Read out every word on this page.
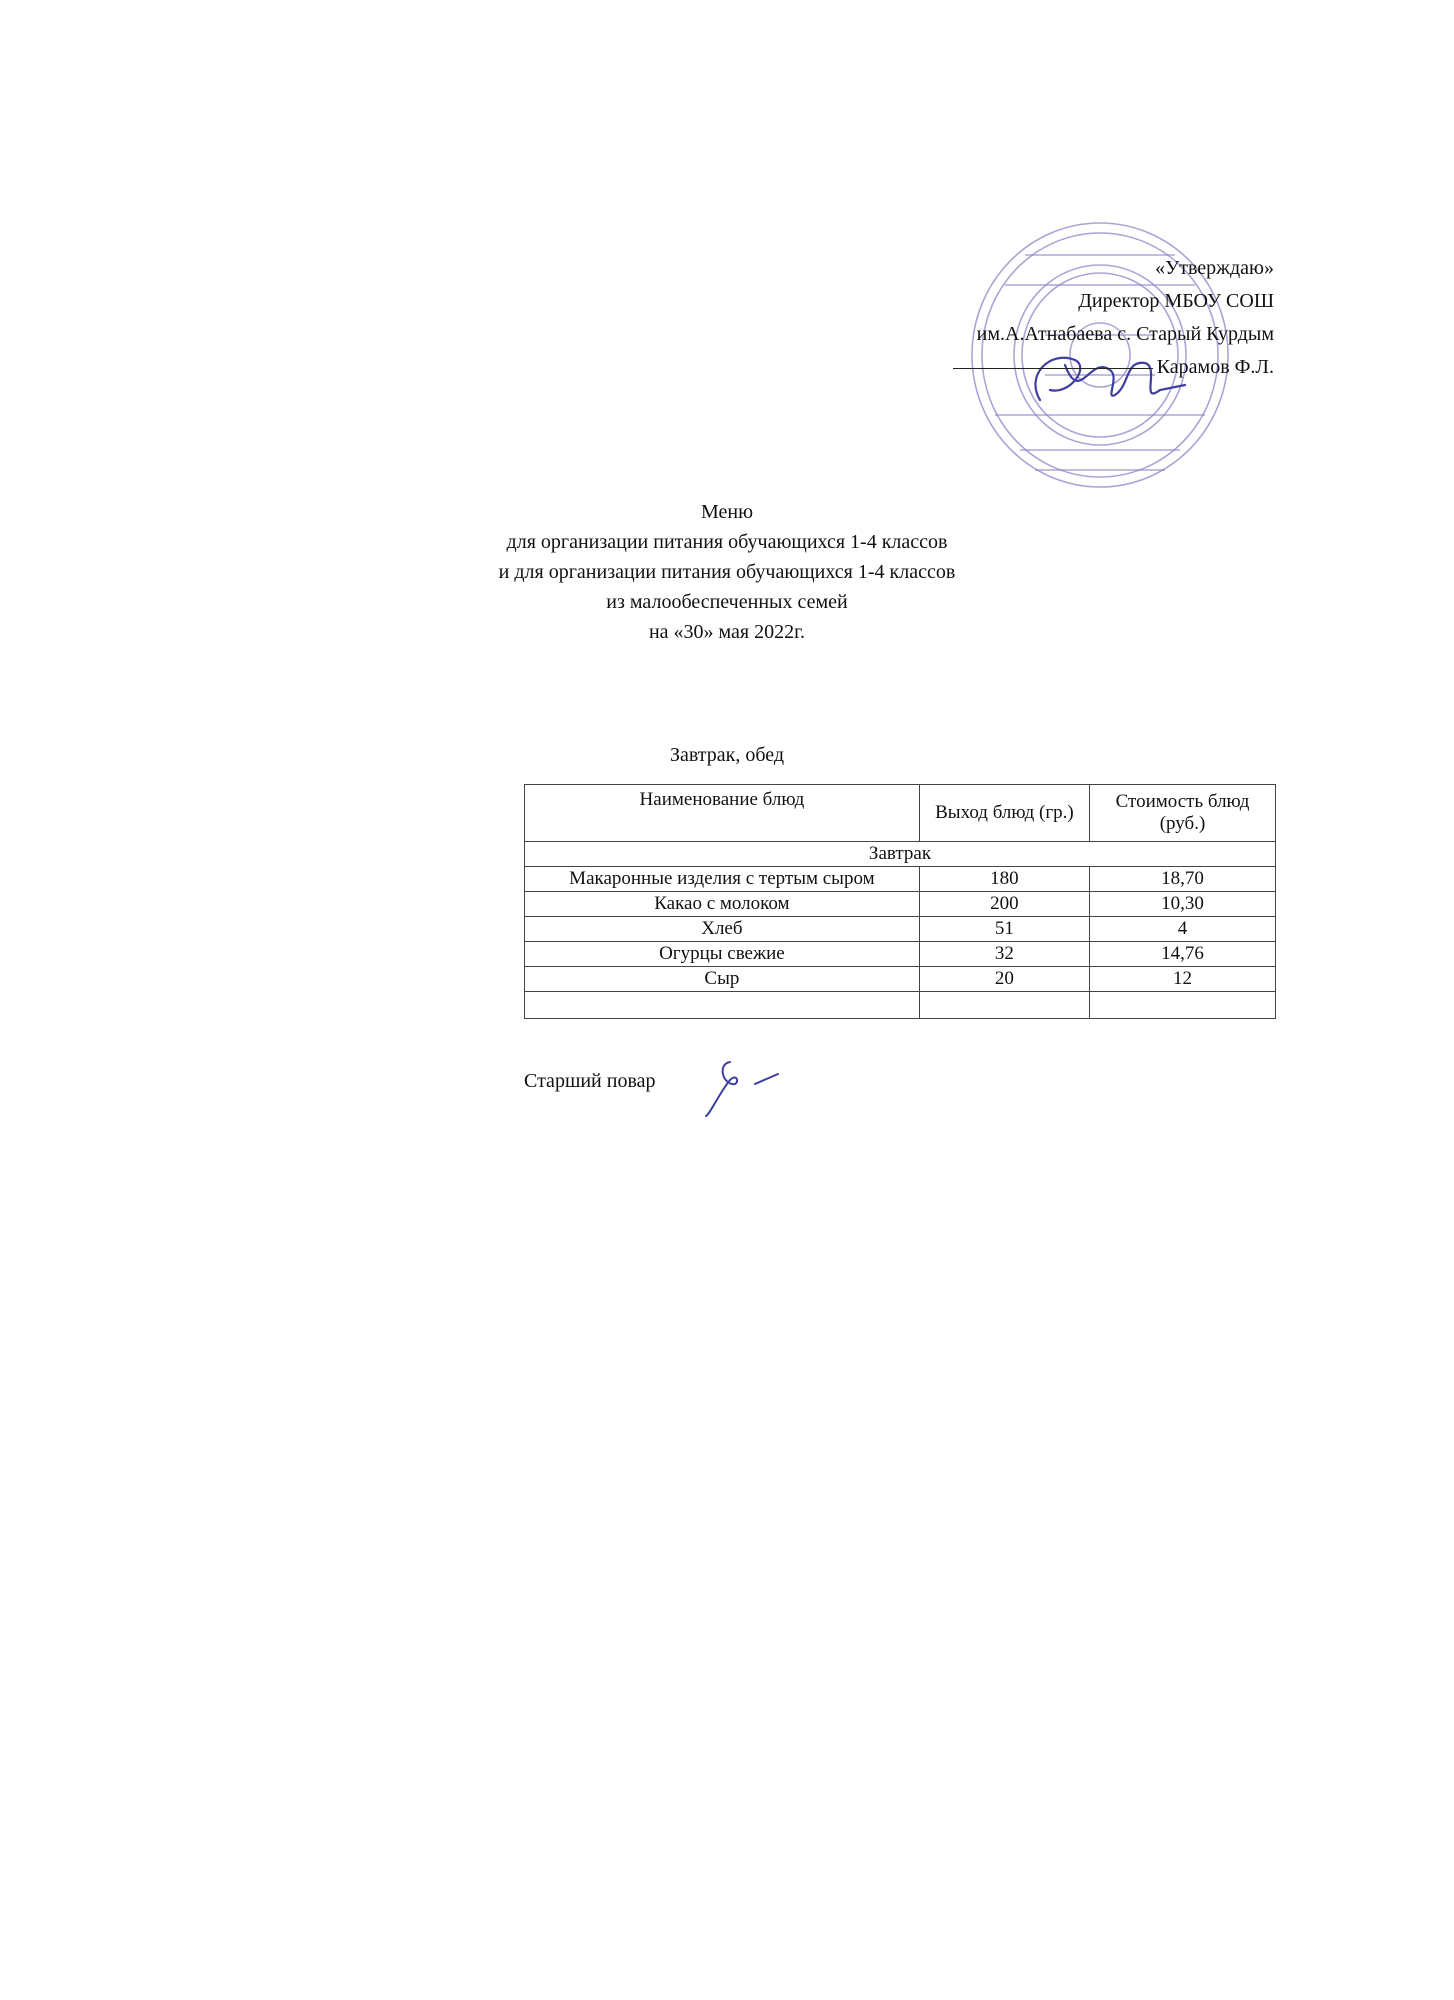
«Утверждаю»
Директор МБОУ СОШ
им.А.Атнабаева с. Старый Курдым
Карамов Ф.Л.
Меню
для организации питания обучающихся 1-4 классов
и для организации питания обучающихся 1-4 классов
из малообеспеченных семей
на «30» мая 2022г.
Завтрак, обед
Наименование блюд	Выход блюд (гр.)	Стоимость блюд (руб.)
Завтрак		
Макаронные изделия с тертым сыром	180	18,70
Какао с молоком	200	10,30
Хлеб	51	4
Огурцы свежие	32	14,76
Сыр	20	12

Старший повар
